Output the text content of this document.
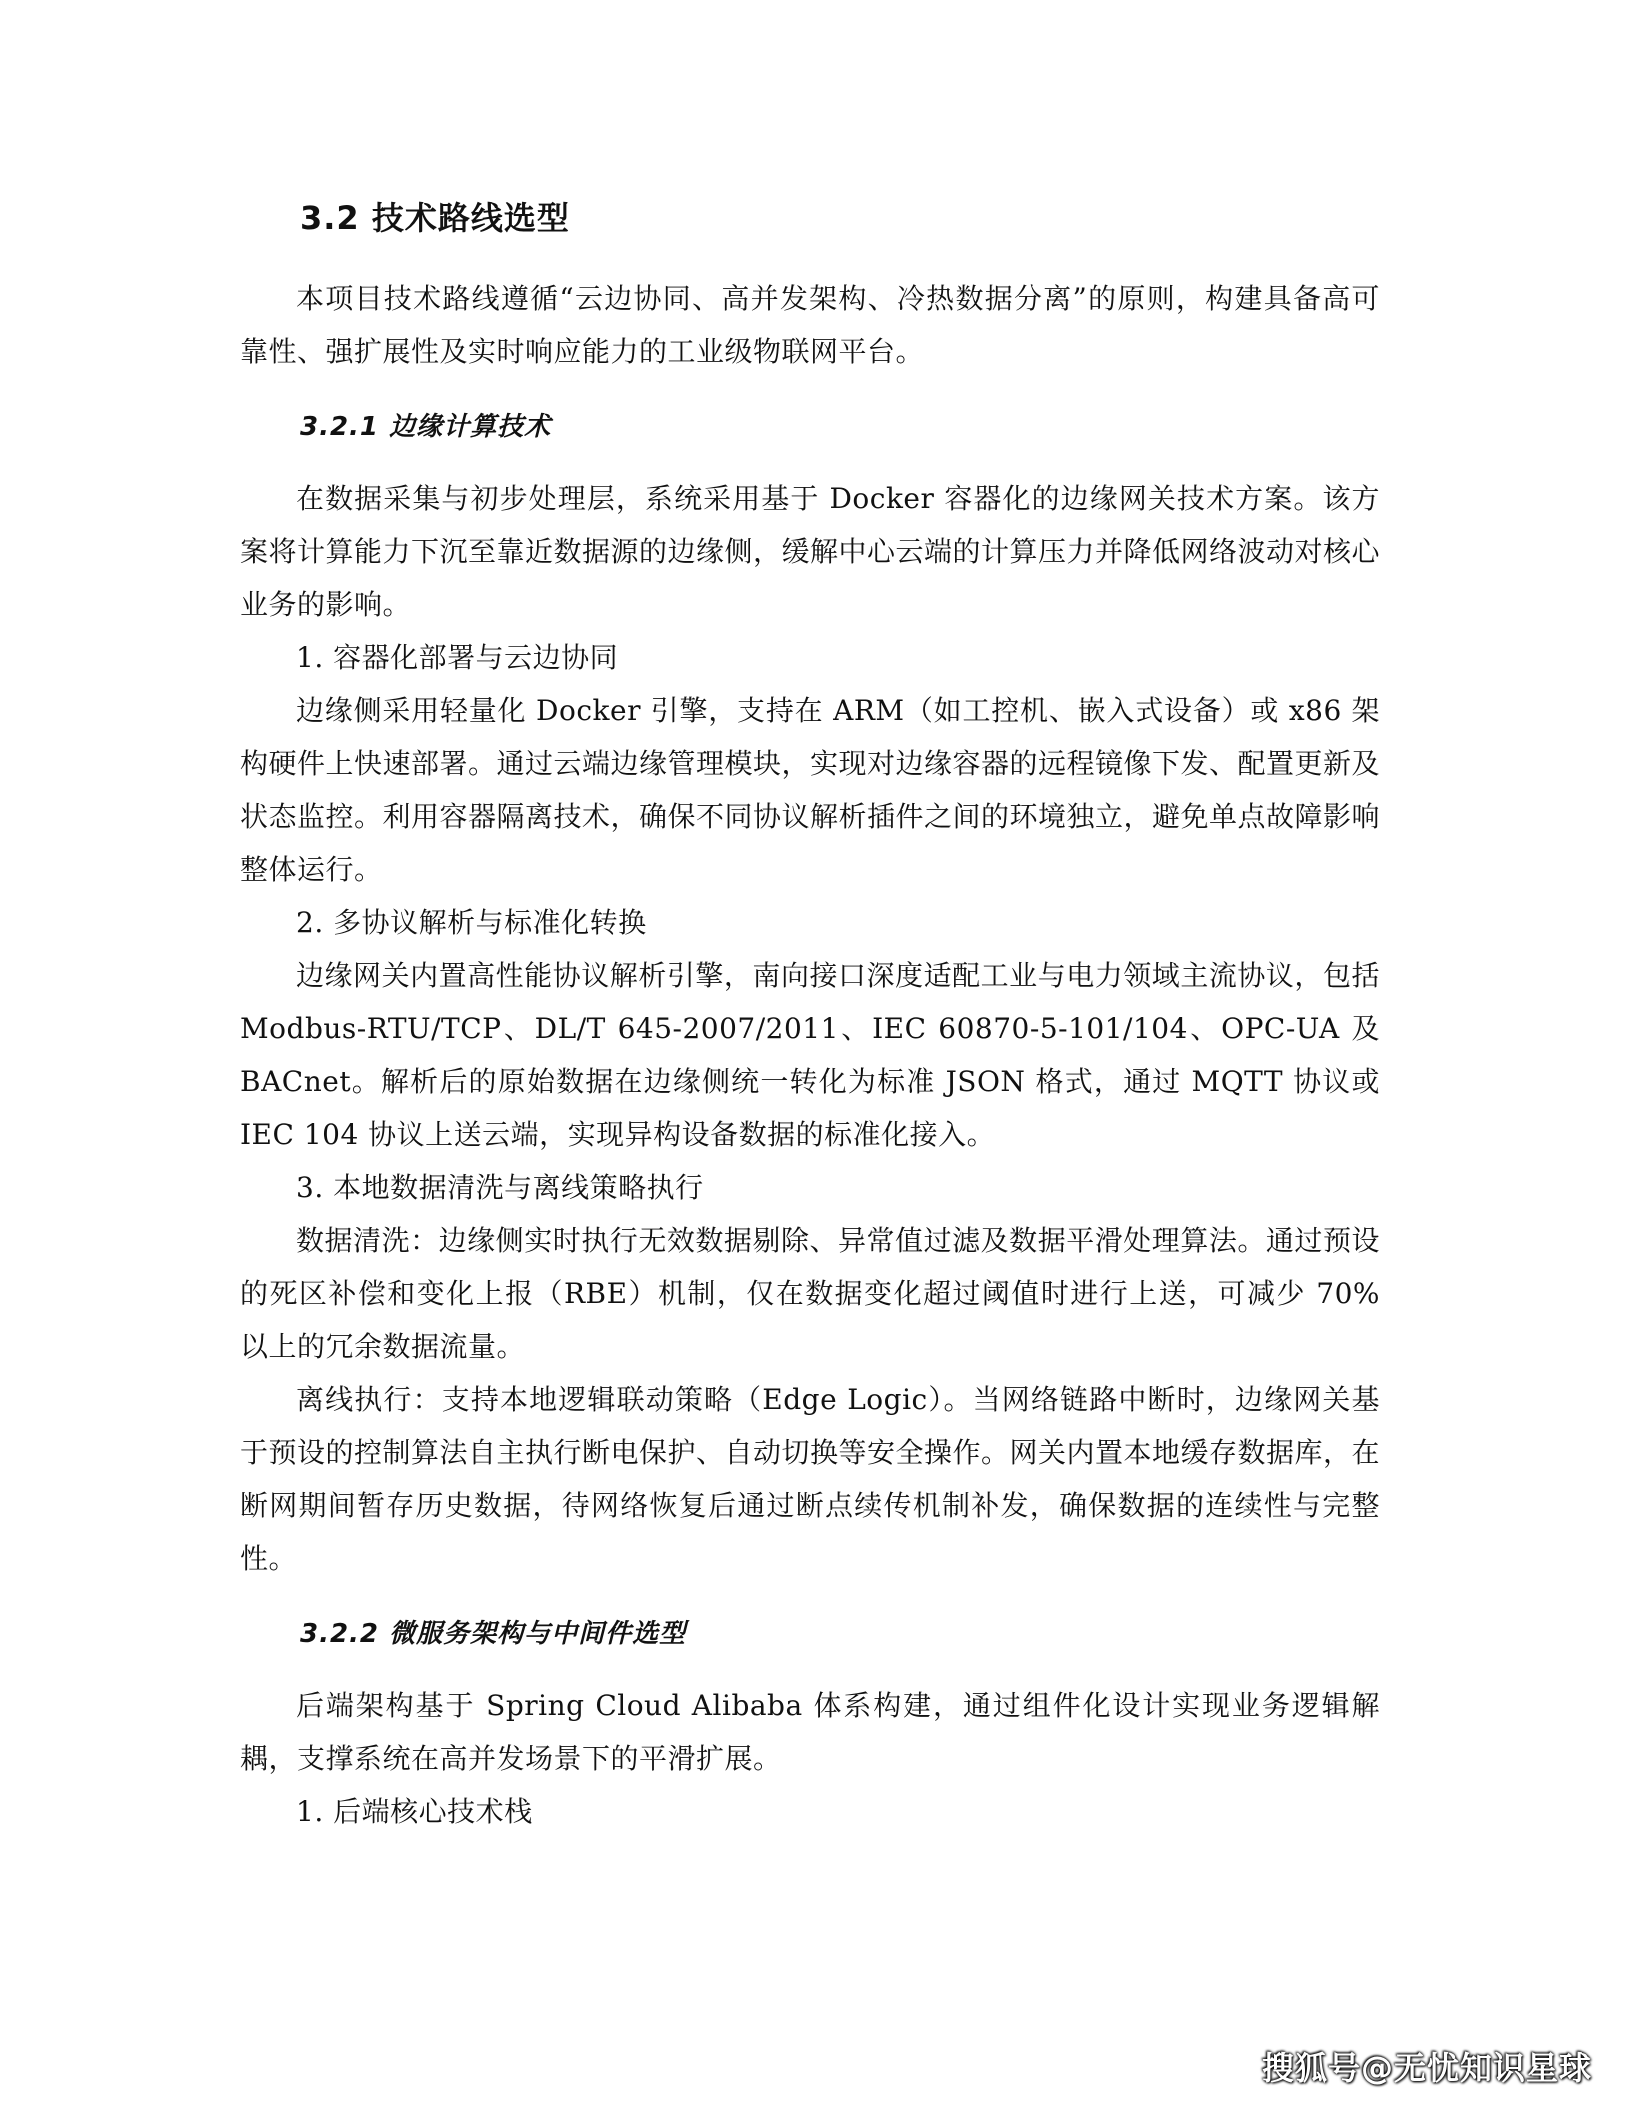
3.2 技术路线选型

本项目技术路线遵循“云边协同、高并发架构、冷热数据分离”的原则，构建具备高可靠性、强扩展性及实时响应能力的工业级物联网平台。

3.2.1 边缘计算技术

在数据采集与初步处理层，系统采用基于 Docker 容器化的边缘网关技术方案。该方案将计算能力下沉至靠近数据源的边缘侧，缓解中心云端的计算压力并降低网络波动对核心业务的影响。

1. 容器化部署与云边协同

边缘侧采用轻量化 Docker 引擎，支持在 ARM（如工控机、嵌入式设备）或 x86 架构硬件上快速部署。通过云端边缘管理模块，实现对边缘容器的远程镜像下发、配置更新及状态监控。利用容器隔离技术，确保不同协议解析插件之间的环境独立，避免单点故障影响整体运行。

2. 多协议解析与标准化转换

边缘网关内置高性能协议解析引擎，南向接口深度适配工业与电力领域主流协议，包括 Modbus-RTU/TCP、DL/T 645-2007/2011、IEC 60870-5-101/104、OPC-UA 及 BACnet。解析后的原始数据在边缘侧统一转化为标准 JSON 格式，通过 MQTT 协议或 IEC 104 协议上送云端，实现异构设备数据的标准化接入。

3. 本地数据清洗与离线策略执行

数据清洗：边缘侧实时执行无效数据剔除、异常值过滤及数据平滑处理算法。通过预设的死区补偿和变化上报（RBE）机制，仅在数据变化超过阈值时进行上送，可减少 70% 以上的冗余数据流量。

离线执行：支持本地逻辑联动策略（Edge Logic）。当网络链路中断时，边缘网关基于预设的控制算法自主执行断电保护、自动切换等安全操作。网关内置本地缓存数据库，在断网期间暂存历史数据，待网络恢复后通过断点续传机制补发，确保数据的连续性与完整性。

3.2.2 微服务架构与中间件选型

后端架构基于 Spring Cloud Alibaba 体系构建，通过组件化设计实现业务逻辑解耦，支撑系统在高并发场景下的平滑扩展。

1. 后端核心技术栈

搜狐号@无忧知识星球
